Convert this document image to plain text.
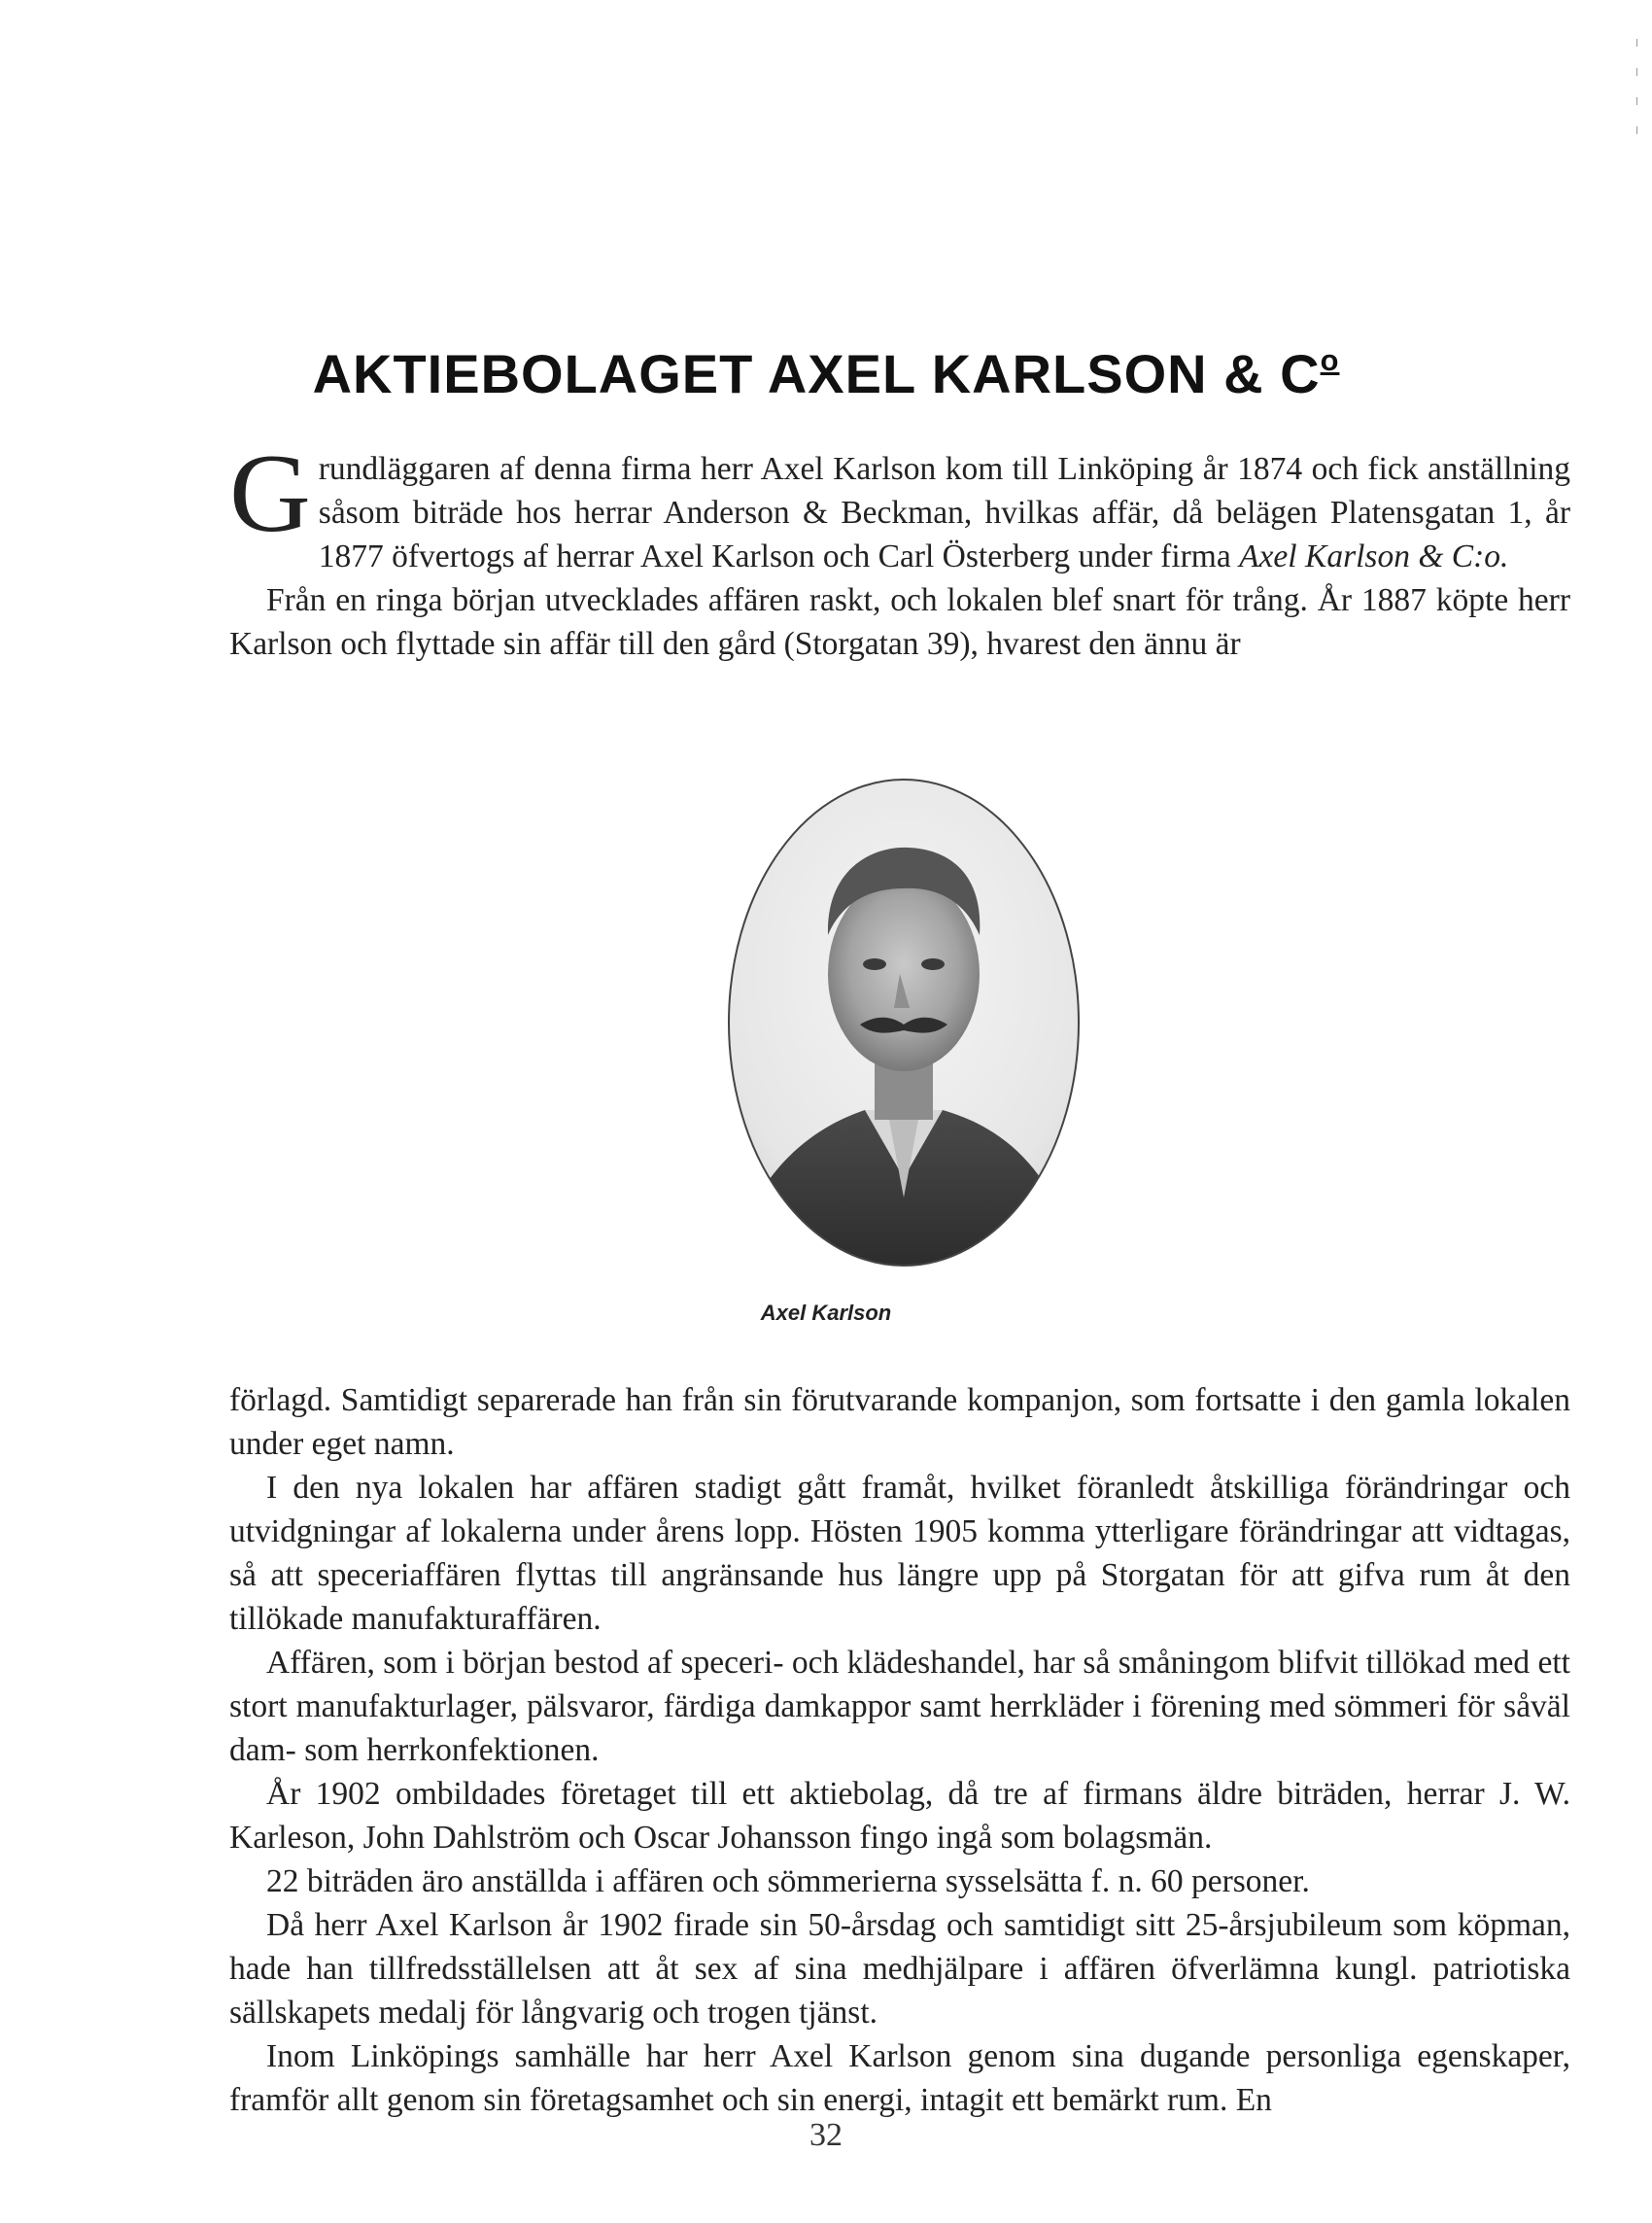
AKTIEBOLAGET AXEL KARLSON & $C^o$

Grundläggaren af denna firma herr Axel Karlson kom till Linköping år 1874 och fick anställning såsom biträde hos herrar Anderson & Beckman, hvilkas affär, då belägen Platensgatan 1, år 1877 öfvertogs af herrar Axel Karlson och Carl Österberg under firma Axel Karlson & C:o.

Från en ringa början utvecklades affären raskt, och lokalen blef snart för trång. År 1887 köpte herr Karlson och flyttade sin affär till den gård (Storgatan 39), hvarest den ännu är

Axel Karlson

förlagd. Samtidigt separerade han från sin förutvarande kompanjon, som fortsatte i den gamla lokalen under eget namn.

I den nya lokalen har affären stadigt gått framåt, hvilket föranledt åtskilliga förändringar och utvidgningar af lokalerna under årens lopp. Hösten 1905 komma ytterligare förändringar att vidtagas, så att speceriaffären flyttas till angränsande hus längre upp på Storgatan för att gifva rum åt den tillökade manufakturaffären.

Affären, som i början bestod af speceri- och klädeshandel, har så småningom blifvit tillökad med ett stort manufakturlager, pälsvaror, färdiga damkappor samt herrkläder i förening med sömmeri för såväl dam- som herrkonfektionen.

År 1902 ombildades företaget till ett aktiebolag, då tre af firmans äldre biträden, herrar J. W. Karleson, John Dahlström och Oscar Johansson fingo ingå som bolagsmän.

22 biträden äro anställda i affären och sömmerierna sysselsätta f. n. 60 personer.

Då herr Axel Karlson år 1902 firade sin 50-årsdag och samtidigt sitt 25-årsjubileum som köpman, hade han tillfredsställelsen att åt sex af sina medhjälpare i affären öfverlämna kungl. patriotiska sällskapets medalj för långvarig och trogen tjänst.

Inom Linköpings samhälle har herr Axel Karlson genom sina dugande personliga egenskaper, framför allt genom sin företagsamhet och sin energi, intagit ett bemärkt rum. En

32
